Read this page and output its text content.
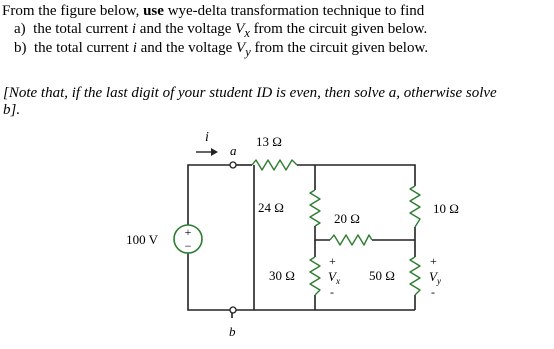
From the figure below, use wye-delta transformation technique to find
a) the total current i and the voltage $V_x$ from the circuit given below.
b) the total current i and the voltage $V_y$ from the circuit given below.
[Note that, if the last digit of your student ID is even, then solve a, otherwise solve
b].
+
−
100 V
i
a
b
13 Ω
24 Ω
20 Ω
10 Ω
30 Ω	50 Ω
+
$V_x$
-
+
$V_y$
-
